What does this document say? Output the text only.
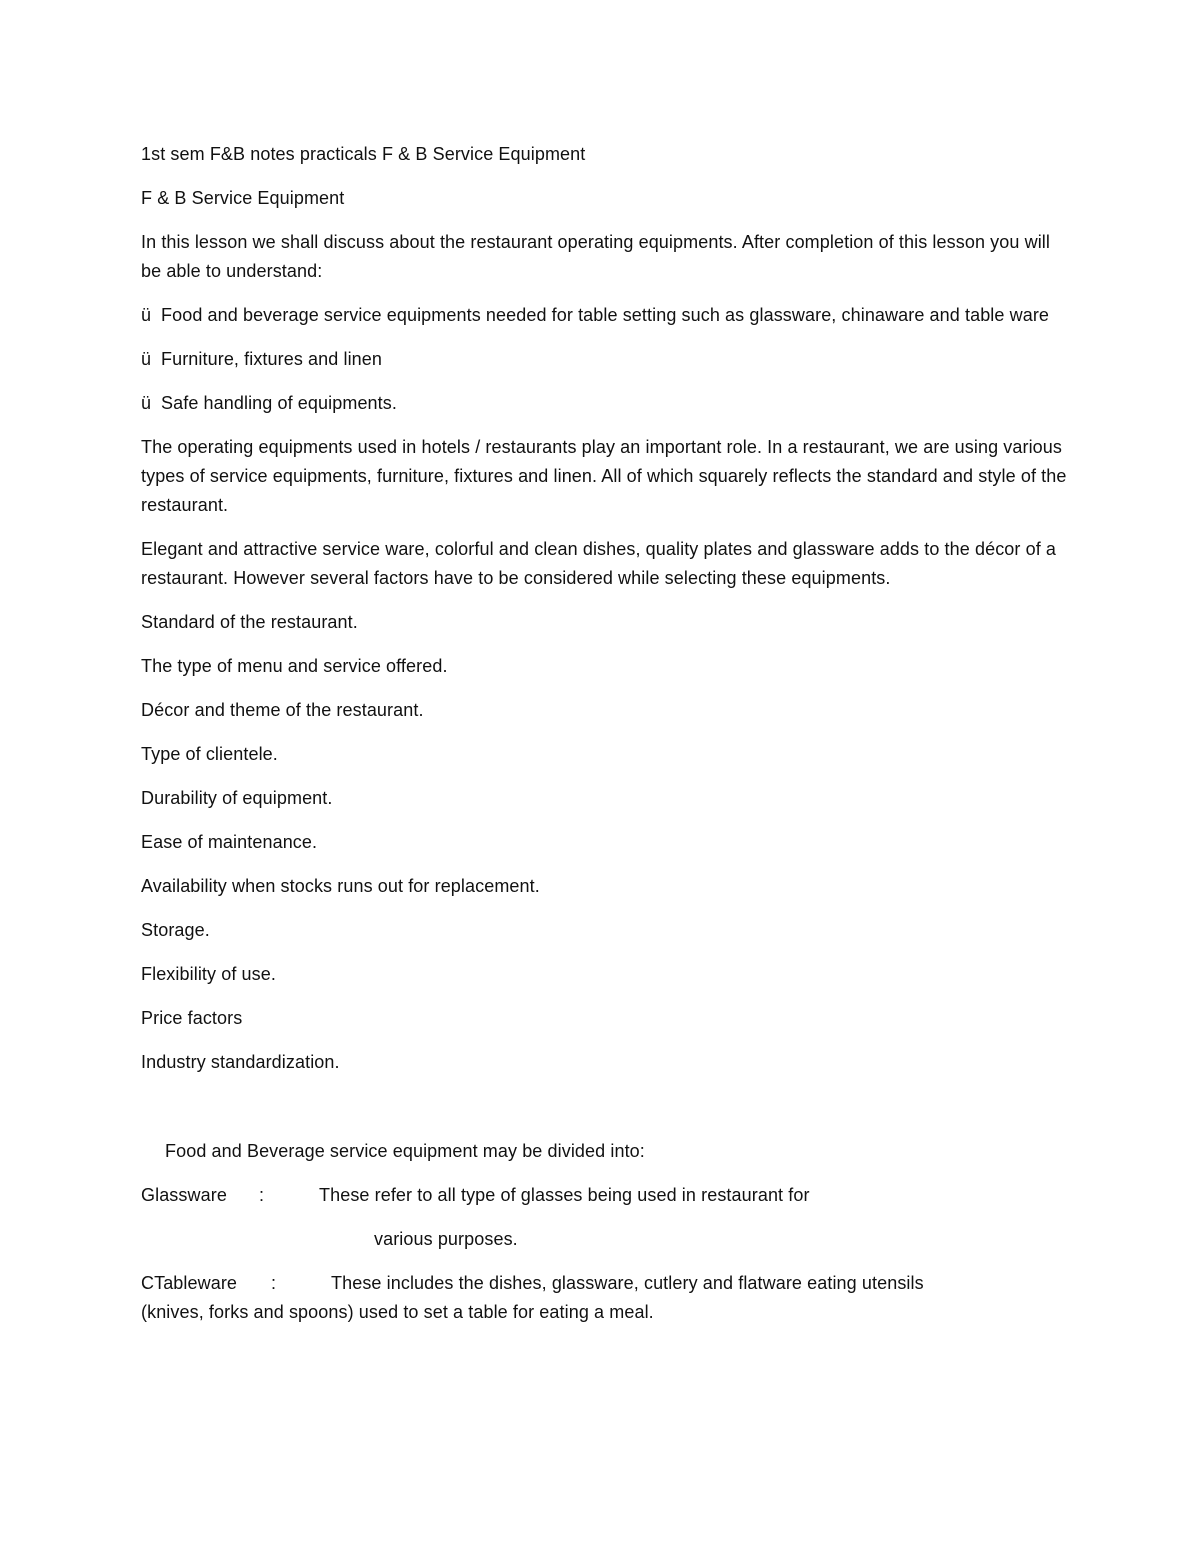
1st sem F&B notes practicals F & B Service Equipment

F & B Service Equipment

In this lesson we shall discuss about the restaurant operating equipments. After completion of this lesson you will be able to understand:

ü Food and beverage service equipments needed for table setting such as glassware, chinaware and table ware

ü Furniture, fixtures and linen

ü Safe handling of equipments.

The operating equipments used in hotels / restaurants play an important role. In a restaurant, we are using various types of service equipments, furniture, fixtures and linen. All of which squarely reflects the standard and style of the restaurant.

Elegant and attractive service ware, colorful and clean dishes, quality plates and glassware adds to the décor of a restaurant. However several factors have to be considered while selecting these equipments.

Standard of the restaurant.

The type of menu and service offered.

Décor and theme of the restaurant.

Type of clientele.

Durability of equipment.

Ease of maintenance.

Availability when stocks runs out for replacement.

Storage.

Flexibility of use.

Price factors

Industry standardization.

Food and Beverage service equipment may be divided into:

Glassware :	These refer to all type of glasses being used in restaurant for

various purposes.

CTableware :	These includes the dishes, glassware, cutlery and flatware eating utensils
(knives, forks and spoons) used to set a table for eating a meal.
